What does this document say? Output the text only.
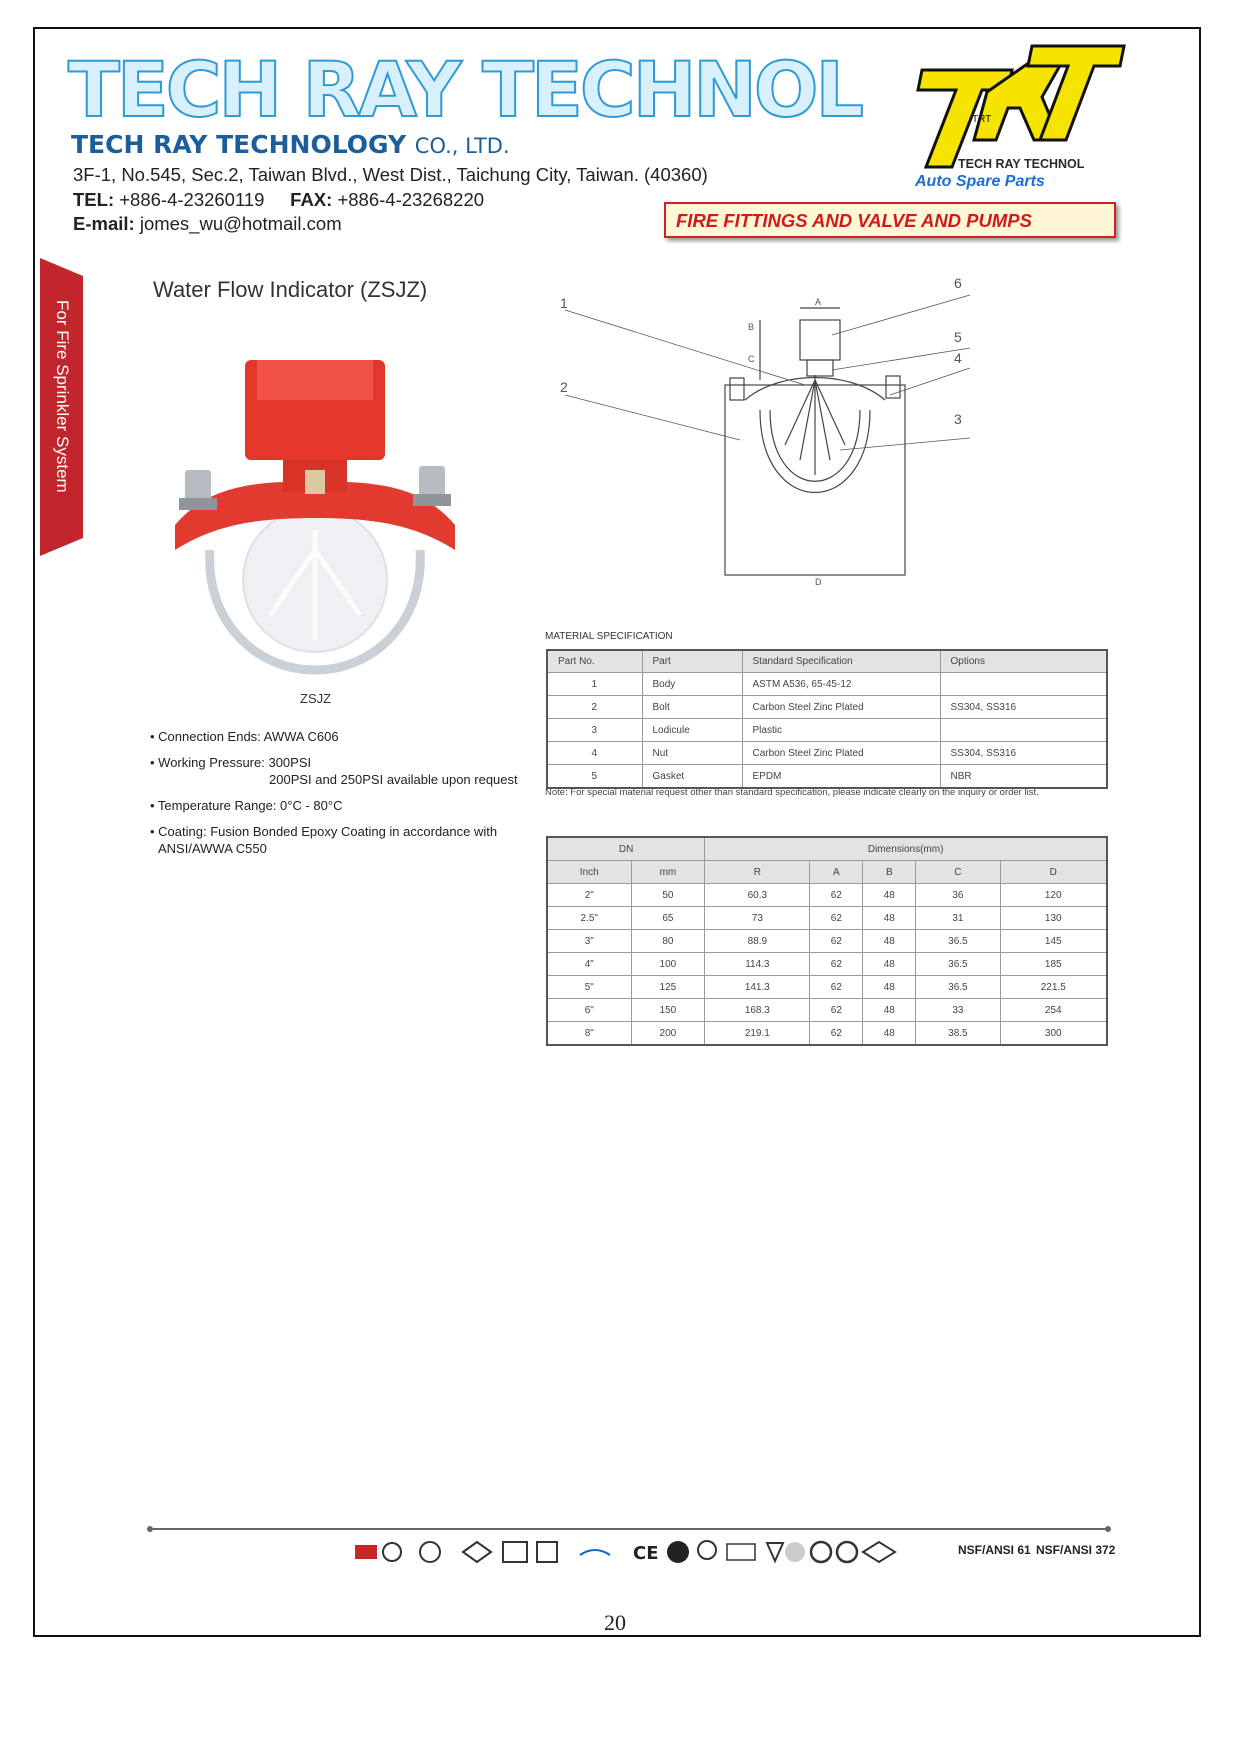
TECH RAY TECHNOL
TECH RAY TECHNOLOGY CO., LTD.
3F-1, No.545, Sec.2, Taiwan Blvd., West Dist., Taichung City, Taiwan. (40360)
TEL: +886-4-23260119 FAX: +886-4-23268220
E-mail: jomes_wu@hotmail.com
TRT
TECH RAY TECHNOL
Auto Spare Parts
FIRE FITTINGS AND VALVE AND PUMPS
For Fire Sprinkler System
Water Flow Indicator (ZSJZ)
ZSJZ
• Connection Ends: AWWA C606
• Working Pressure: 300PSI
200PSI and 250PSI available upon request
• Temperature Range: 0°C - 80°C
• Coating: Fusion Bonded Epoxy Coating in accordance with
ANSI/AWWA C550
1
2
3
4
5
6
A
B
C
D
MATERIAL SPECIFICATION
Part No.	Part	Standard Specification	Options
1	Body	ASTM A536, 65-45-12	
2	Bolt	Carbon Steel Zinc Plated	SS304, SS316
3	Lodicule	Plastic	
4	Nut	Carbon Steel Zinc Plated	SS304, SS316
5	Gasket	EPDM	NBR
Note: For special material request other than standard specification, please indicate clearly on the inquiry or order list.
DN		Dimensions(mm)				
Inch	mm	R	A	B	C	D
2"	50	60.3	62	48	36	120
2.5"	65	73	62	48	31	130
3"	80	88.9	62	48	36.5	145
4"	100	114.3	62	48	36.5	185
5"	125	141.3	62	48	36.5	221.5
6"	150	168.3	62	48	33	254
8"	200	219.1	62	48	38.5	300
CE	NSF/ANSI 61 NSF/ANSI 372
20
